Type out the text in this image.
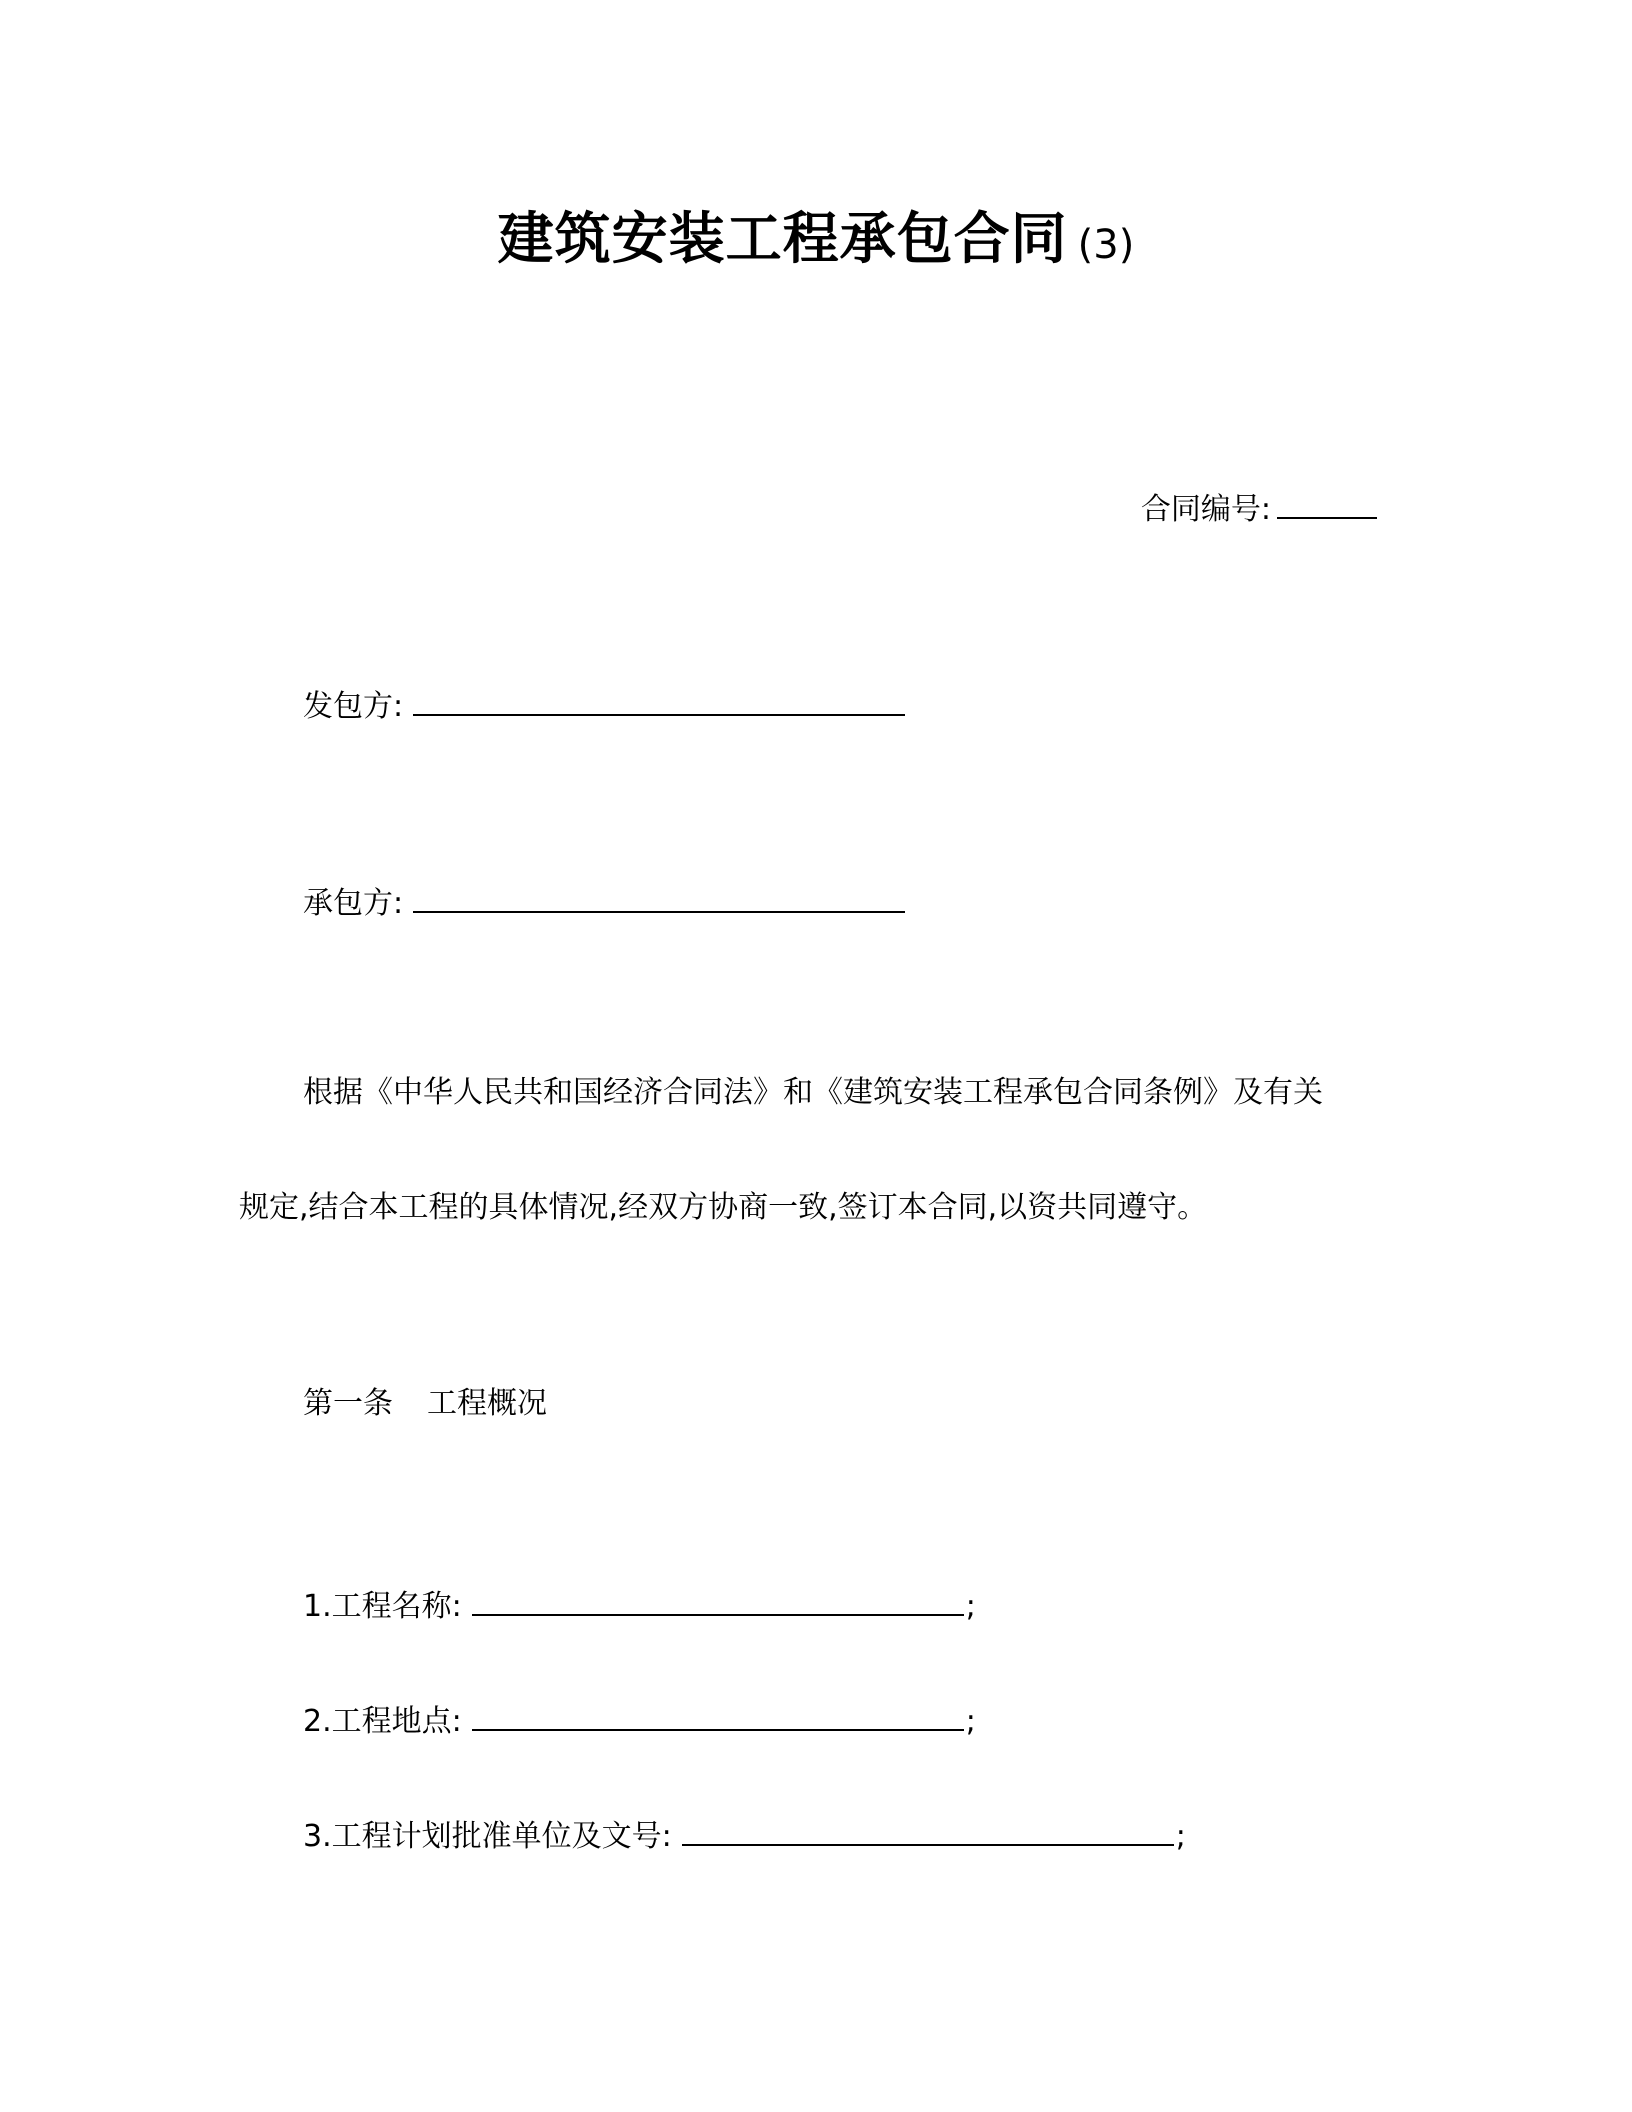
建筑安装工程承包合同 (3)
合同编号:
发包方:
承包方:
根据《中华人民共和国经济合同法》和《建筑安装工程承包合同条例》及有关
规定,结合本工程的具体情况,经双方协商一致,签订本合同,以资共同遵守。
第一条 工程概况
1.工程名称:	;
2.工程地点:	;
3.工程计划批准单位及文号:	;
